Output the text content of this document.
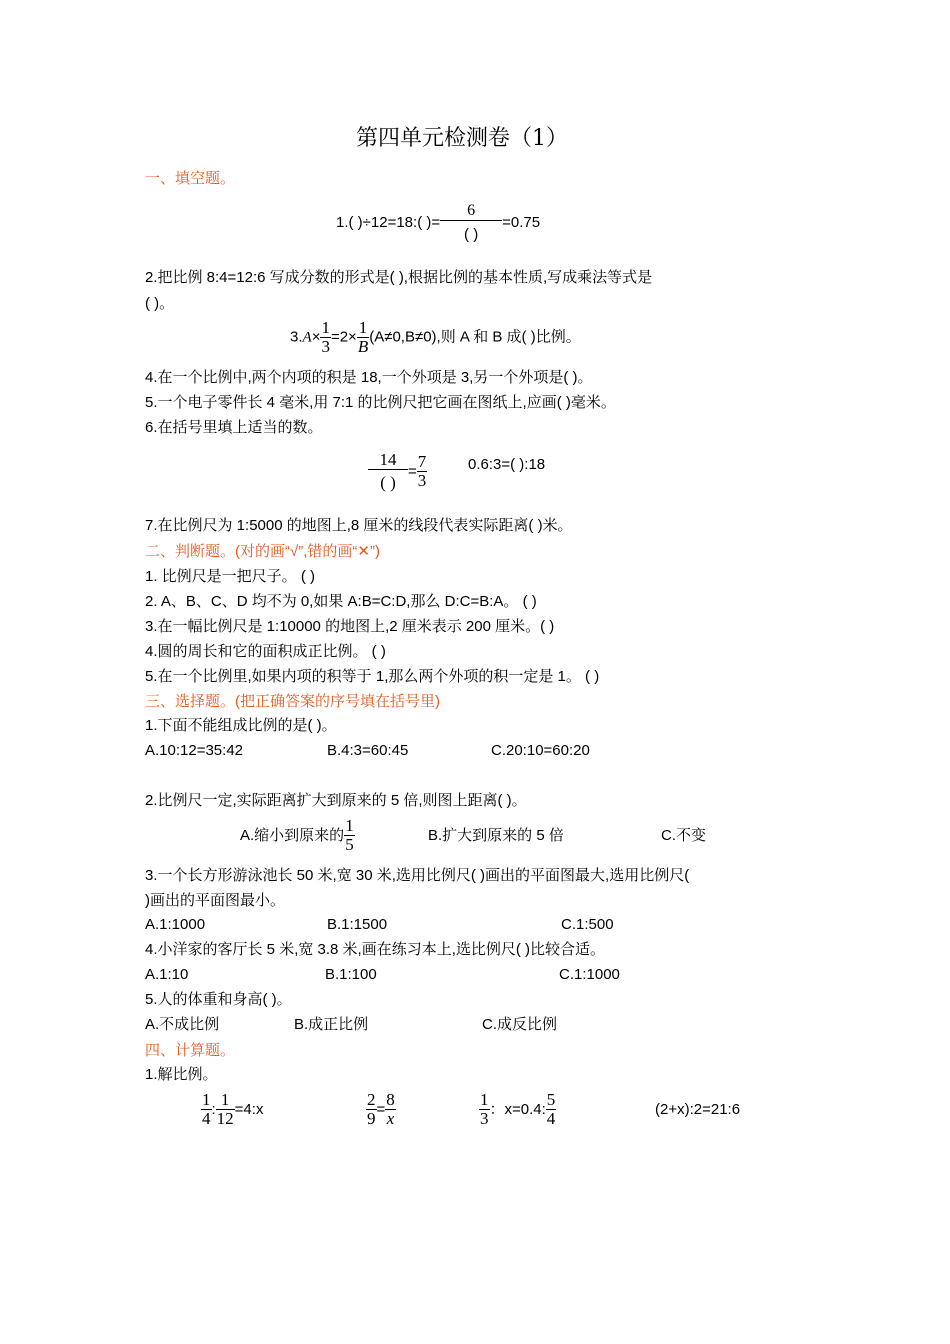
第四单元检测卷（1）
一、填空题。
1.( )÷12=18:( )= $\frac{6}{( )} =0.75$
2.把比例 8:4=12:6 写成分数的形式是( ),根据比例的基本性质,写成乘法等式是
( )。
$3.A\times \frac{1}{3} =2\times \frac{1}{B} (A\ne 0,B\ne 0)$,则 A 和 B 成( )比例。
4.在一个比例中,两个内项的积是 18,一个外项是 3,另一个外项是( )。
5.一个电子零件长 4 毫米,用 7:1 的比例尺把它画在图纸上,应画( )毫米。
6.在括号里填上适当的数。
$\frac{14}{( )} = \frac{7}{3}$	0.6:3=( ):18
7.在比例尺为 1:5000 的地图上,8 厘米的线段代表实际距离( )米。
二、判断题。(对的画“√”,错的画“✕”)
1. 比例尺是一把尺子。 ( )
2. A、B、C、D 均不为 0,如果 A:B=C:D,那么 D:C=B:A。 ( )
3.在一幅比例尺是 1:10000 的地图上,2 厘米表示 200 厘米。( )
4.圆的周长和它的面积成正比例。 ( )
5.在一个比例里,如果内项的积等于 1,那么两个外项的积一定是 1。 ( )
三、选择题。(把正确答案的序号填在括号里)
1.下面不能组成比例的是( )。
A.10:12=35:42	B.4:3=60:45	C.20:10=60:20
2.比例尺一定,实际距离扩大到原来的 5 倍,则图上距离( )。
A.缩小到原来的 $\frac{1}{5}$	B.扩大到原来的 5 倍	C.不变
3.一个长方形游泳池长 50 米,宽 30 米,选用比例尺( )画出的平面图最大,选用比例尺(
)画出的平面图最小。
A.1:1000	B.1:1500	C.1:500
4.小洋家的客厅长 5 米,宽 3.8 米,画在练习本上,选比例尺( )比较合适。
A.1:10	B.1:100	C.1:1000
5.人的体重和身高( )。
A.不成比例	B.成正比例	C.成反比例
四、计算题。
1.解比例。
$\frac{1}{4}$ : $\frac{1}{12}$ =4:x	$\frac{2}{9} = \frac{8}{x}$	$\frac{1}{3}$ ：x=0.4: $\frac{5}{4}$	(2+x):2=21:6
